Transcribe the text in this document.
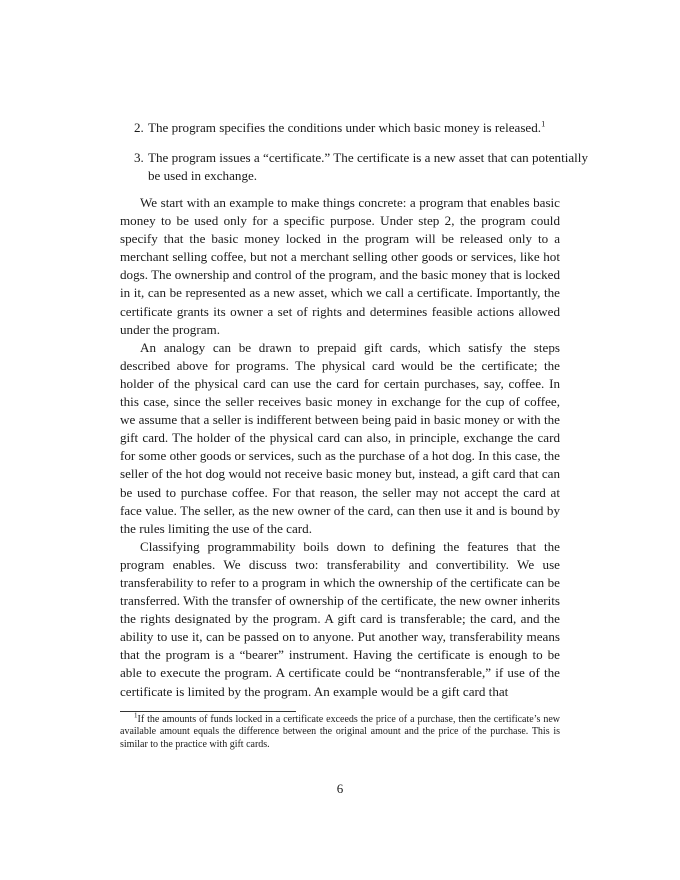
2. The program specifies the conditions under which basic money is released.$^1$
3. The program issues a “certificate.” The certificate is a new asset that can potentially be used in exchange.

We start with an example to make things concrete: a program that enables basic money to be used only for a specific purpose. Under step 2, the program could specify that the basic money locked in the program will be released only to a merchant selling coffee, but not a merchant selling other goods or services, like hot dogs. The ownership and control of the program, and the basic money that is locked in it, can be represented as a new asset, which we call a certificate. Importantly, the certificate grants its owner a set of rights and determines feasible actions allowed under the program.

An analogy can be drawn to prepaid gift cards, which satisfy the steps described above for programs. The physical card would be the certificate; the holder of the physical card can use the card for certain purchases, say, coffee. In this case, since the seller receives basic money in exchange for the cup of coffee, we assume that a seller is indifferent between being paid in basic money or with the gift card. The holder of the physical card can also, in principle, exchange the card for some other goods or services, such as the purchase of a hot dog. In this case, the seller of the hot dog would not receive basic money but, instead, a gift card that can be used to purchase coffee. For that reason, the seller may not accept the card at face value. The seller, as the new owner of the card, can then use it and is bound by the rules limiting the use of the card.

Classifying programmability boils down to defining the features that the program enables. We discuss two: transferability and convertibility. We use transferability to refer to a program in which the ownership of the certificate can be transferred. With the transfer of ownership of the certificate, the new owner inherits the rights designated by the program. A gift card is transferable; the card, and the ability to use it, can be passed on to anyone. Put another way, transferability means that the program is a “bearer” instrument. Having the certificate is enough to be able to execute the program. A certificate could be “nontransferable,” if use of the certificate is limited by the program. An example would be a gift card that

$^1$If the amounts of funds locked in a certificate exceeds the price of a purchase, then the certificate’s new available amount equals the difference between the original amount and the price of the purchase. This is similar to the practice with gift cards.
6
